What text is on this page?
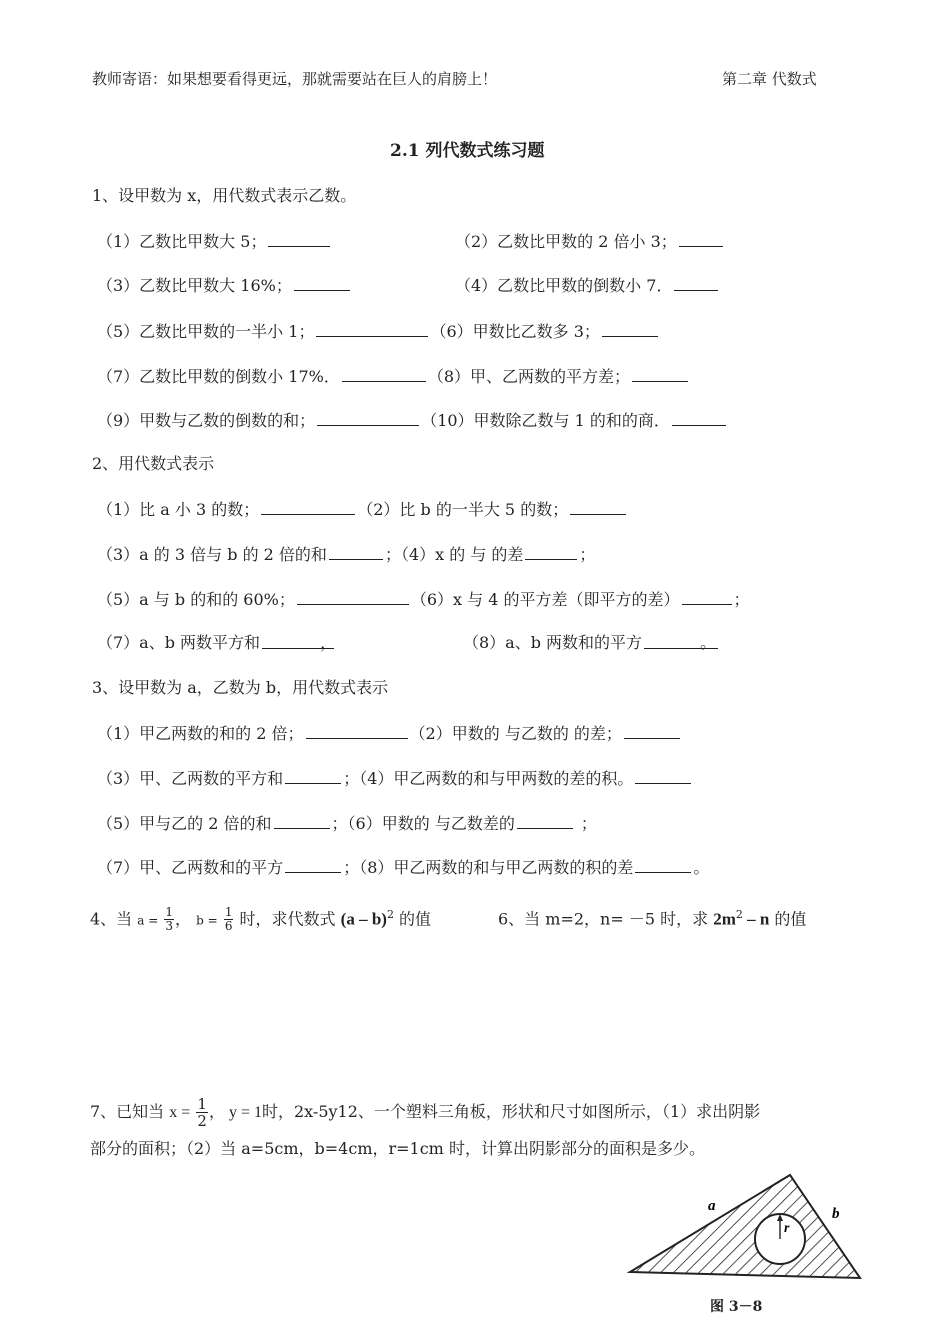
教师寄语：如果想要看得更远，那就需要站在巨人的肩膀上！	第二章 代数式
2.1 列代数式练习题
1、设甲数为 x，用代数式表示乙数。
（1）乙数比甲数大 5；	（2）乙数比甲数的 2 倍小 3；
（3）乙数比甲数大 16%；	（4）乙数比甲数的倒数小 7．
（5）乙数比甲数的一半小 1；	（6）甲数比乙数多 3；
（7）乙数比甲数的倒数小 17%．	（8）甲、乙两数的平方差；
（9）甲数与乙数的倒数的和；	（10）甲数除乙数与 1 的和的商．
2、用代数式表示
（1）比 a 小 3 的数；	（2）比 b 的一半大 5 的数；
（3）a 的 3 倍与 b 的 2 倍的和	；（4）x 的 与 的差	；
（5）a 与 b 的和的 60%；	（6）x 与 4 的平方差（即平方的差）	；
（7）a、b 两数平方和	，	（8）a、b 两数和的平方	。
3、设甲数为 a，乙数为 b，用代数式表示
（1）甲乙两数的和的 2 倍；	（2）甲数的 与乙数的 的差；
（3）甲、乙两数的平方和	；（4）甲乙两数的和与甲两数的差的积。
（5）甲与乙的 2 倍的和	；（6）甲数的 与乙数差的	；
（7）甲、乙两数和的平方	；（8）甲乙两数的和与甲乙两数的积的差	。
4、当 $a = \frac{1}{3}$ ， $b = \frac{1}{6}$ 时，求代数式 (a – b)$^2$ 的值	6、当 m=2，n= －5 时，求 $2m^2$ – n 的值
7、已知当 $x = \frac{1}{2}$ ， y = 1时，2x-5y12、一个塑料三角板，形状和尺寸如图所示，（1）求出阴影
部分的面积；（2）当 a=5cm，b=4cm，r=1cm 时，计算出阴影部分的面积是多少。
r
a	b
图 3－8
